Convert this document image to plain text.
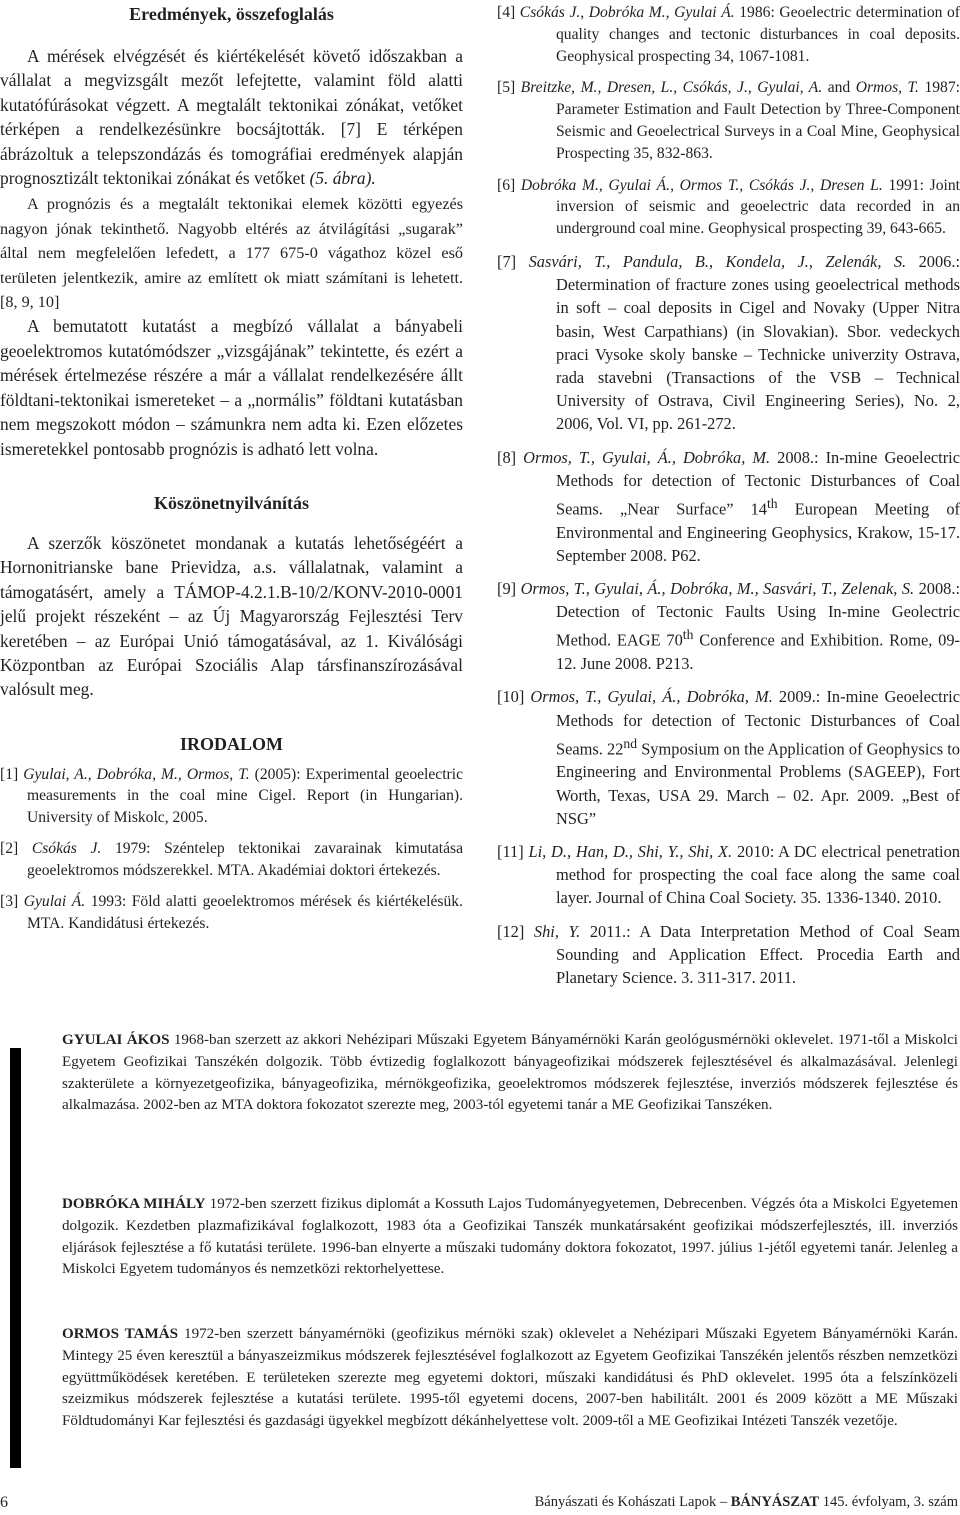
Eredmények, összefoglalás

A mérések elvégzését és kiértékelését követő időszakban a vállalat a megvizsgált mezőt lefejtette, valamint föld alatti kutatófúrásokat végzett. A megtalált tektonikai zónákat, vetőket térképen a rendelkezésünkre bocsájtották. [7] E térképen ábrázoltuk a telepszondázás és tomográfiai eredmények alapján prognosztizált tektonikai zónákat és vetőket (5. ábra).

A prognózis és a megtalált tektonikai elemek közötti egyezés nagyon jónak tekinthető. Nagyobb eltérés az átvilágítási „sugarak” által nem megfelelően lefedett, a 177 675-0 vágathoz közel eső területen jelentkezik, amire az említett ok miatt számítani is lehetett. [8, 9, 10]

A bemutatott kutatást a megbízó vállalat a bányabeli geoelektromos kutatómódszer „vizsgájának” tekintette, és ezért a mérések értelmezése részére a már a vállalat rendelkezésére állt földtani-tektonikai ismereteket – a „normális” földtani kutatásban nem megszokott módon – számunkra nem adta ki. Ezen előzetes ismeretekkel pontosabb prognózis is adható lett volna.

Köszönetnyilvánítás

A szerzők köszönetet mondanak a kutatás lehetőségéért a Hornonitrianske bane Prievidza, a.s. vállalatnak, valamint a támogatásért, amely a TÁMOP-4.2.1.B-10/2/KONV-2010-0001 jelű projekt részeként – az Új Magyarország Fejlesztési Terv keretében – az Európai Unió támogatásával, az 1. Kiválósági Központban az Európai Szociális Alap társfinanszírozásával valósult meg.

IRODALOM

[1] Gyulai, A., Dobróka, M., Ormos, T. (2005): Experimental geoelectric measurements in the coal mine Cigel. Report (in Hungarian). University of Miskolc, 2005.

[2] Csókás J. 1979: Széntelep tektonikai zavarainak kimutatása geoelektromos módszerekkel. MTA. Akadémiai doktori értekezés.

[3] Gyulai Á. 1993: Föld alatti geoelektromos mérések és kiértékelésük. MTA. Kandidátusi értekezés.

[4] Csókás J., Dobróka M., Gyulai Á. 1986: Geoelectric determination of quality changes and tectonic disturbances in coal deposits. Geophysical prospecting 34, 1067-1081.

[5] Breitzke, M., Dresen, L., Csókás, J., Gyulai, A. and Ormos, T. 1987: Parameter Estimation and Fault Detection by Three-Component Seismic and Geoelectrical Surveys in a Coal Mine, Geophysical Prospecting 35, 832-863.

[6] Dobróka M., Gyulai Á., Ormos T., Csókás J., Dresen L. 1991: Joint inversion of seismic and geoelectric data recorded in an underground coal mine. Geophysical prospecting 39, 643-665.

[7] Sasvári, T., Pandula, B., Kondela, J., Zelenák, S. 2006.: Determination of fracture zones using geoelectrical methods in soft – coal deposits in Cigel and Novaky (Upper Nitra basin, West Carpathians) (in Slovakian). Sbor. vedeckych praci Vysoke skoly banske – Technicke univerzity Ostrava, rada stavebni (Transactions of the VSB – Technical University of Ostrava, Civil Engineering Series), No. 2, 2006, Vol. VI, pp. 261-272.

[8] Ormos, T., Gyulai, Á., Dobróka, M. 2008.: In-mine Geoelectric Methods for detection of Tectonic Disturbances of Coal Seams. „Near Surface” 14th European Meeting of Environmental and Engineering Geophysics, Krakow, 15-17. September 2008. P62.

[9] Ormos, T., Gyulai, Á., Dobróka, M., Sasvári, T., Zelenak, S. 2008.: Detection of Tectonic Faults Using In-mine Geolectric Method. EAGE 70th Conference and Exhibition. Rome, 09-12. June 2008. P213.

[10] Ormos, T., Gyulai, Á., Dobróka, M. 2009.: In-mine Geoelectric Methods for detection of Tectonic Disturbances of Coal Seams. 22nd Symposium on the Application of Geophysics to Engineering and Environmental Problems (SAGEEP), Fort Worth, Texas, USA 29. March – 02. Apr. 2009. „Best of NSG”

[11] Li, D., Han, D., Shi, Y., Shi, X. 2010: A DC electrical penetration method for prospecting the coal face along the same coal layer. Journal of China Coal Society. 35. 1336-1340. 2010.

[12] Shi, Y. 2011.: A Data Interpretation Method of Coal Seam Sounding and Application Effect. Procedia Earth and Planetary Science. 3. 311-317. 2011.

GYULAI ÁKOS 1968-ban szerzett az akkori Nehézipari Műszaki Egyetem Bányamérnöki Karán geológusmérnöki oklevelet. 1971-től a Miskolci Egyetem Geofizikai Tanszékén dolgozik. Több évtizedig foglalkozott bányageofizikai módszerek fejlesztésével és alkalmazásával. Jelenlegi szakterülete a környezetgeofizika, bányageofizika, mérnökgeofizika, geoelektromos módszerek fejlesztése, inverziós módszerek fejlesztése és alkalmazása. 2002-ben az MTA doktora fokozatot szerezte meg, 2003-tól egyetemi tanár a ME Geofizikai Tanszéken.

DOBRÓKA MIHÁLY 1972-ben szerzett fizikus diplomát a Kossuth Lajos Tudományegyetemen, Debrecenben. Végzés óta a Miskolci Egyetemen dolgozik. Kezdetben plazmafizikával foglalkozott, 1983 óta a Geofizikai Tanszék munkatársaként geofizikai módszerfejlesztés, ill. inverziós eljárások fejlesztése a fő kutatási területe. 1996-ban elnyerte a műszaki tudomány doktora fokozatot, 1997. július 1-jétől egyetemi tanár. Jelenleg a Miskolci Egyetem tudományos és nemzetközi rektorhelyettese.

ORMOS TAMÁS 1972-ben szerzett bányamérnöki (geofizikus mérnöki szak) oklevelet a Nehézipari Műszaki Egyetem Bányamérnöki Karán. Mintegy 25 éven keresztül a bányaszeizmikus módszerek fejlesztésével foglalkozott az Egyetem Geofizikai Tanszékén jelentős részben nemzetközi együttműködések keretében. E területeken szerezte meg egyetemi doktori, műszaki kandidátusi és PhD oklevelet. 1995 óta a felszínközeli szeizmikus módszerek fejlesztése a kutatási területe. 1995-től egyetemi docens, 2007-ben habilitált. 2001 és 2009 között a ME Műszaki Földtudományi Kar fejlesztési és gazdasági ügyekkel megbízott dékánhelyettese volt. 2009-től a ME Geofizikai Intézeti Tanszék vezetője.

6	Bányászati és Kohászati Lapok – BÁNYÁSZAT 145. évfolyam, 3. szám
